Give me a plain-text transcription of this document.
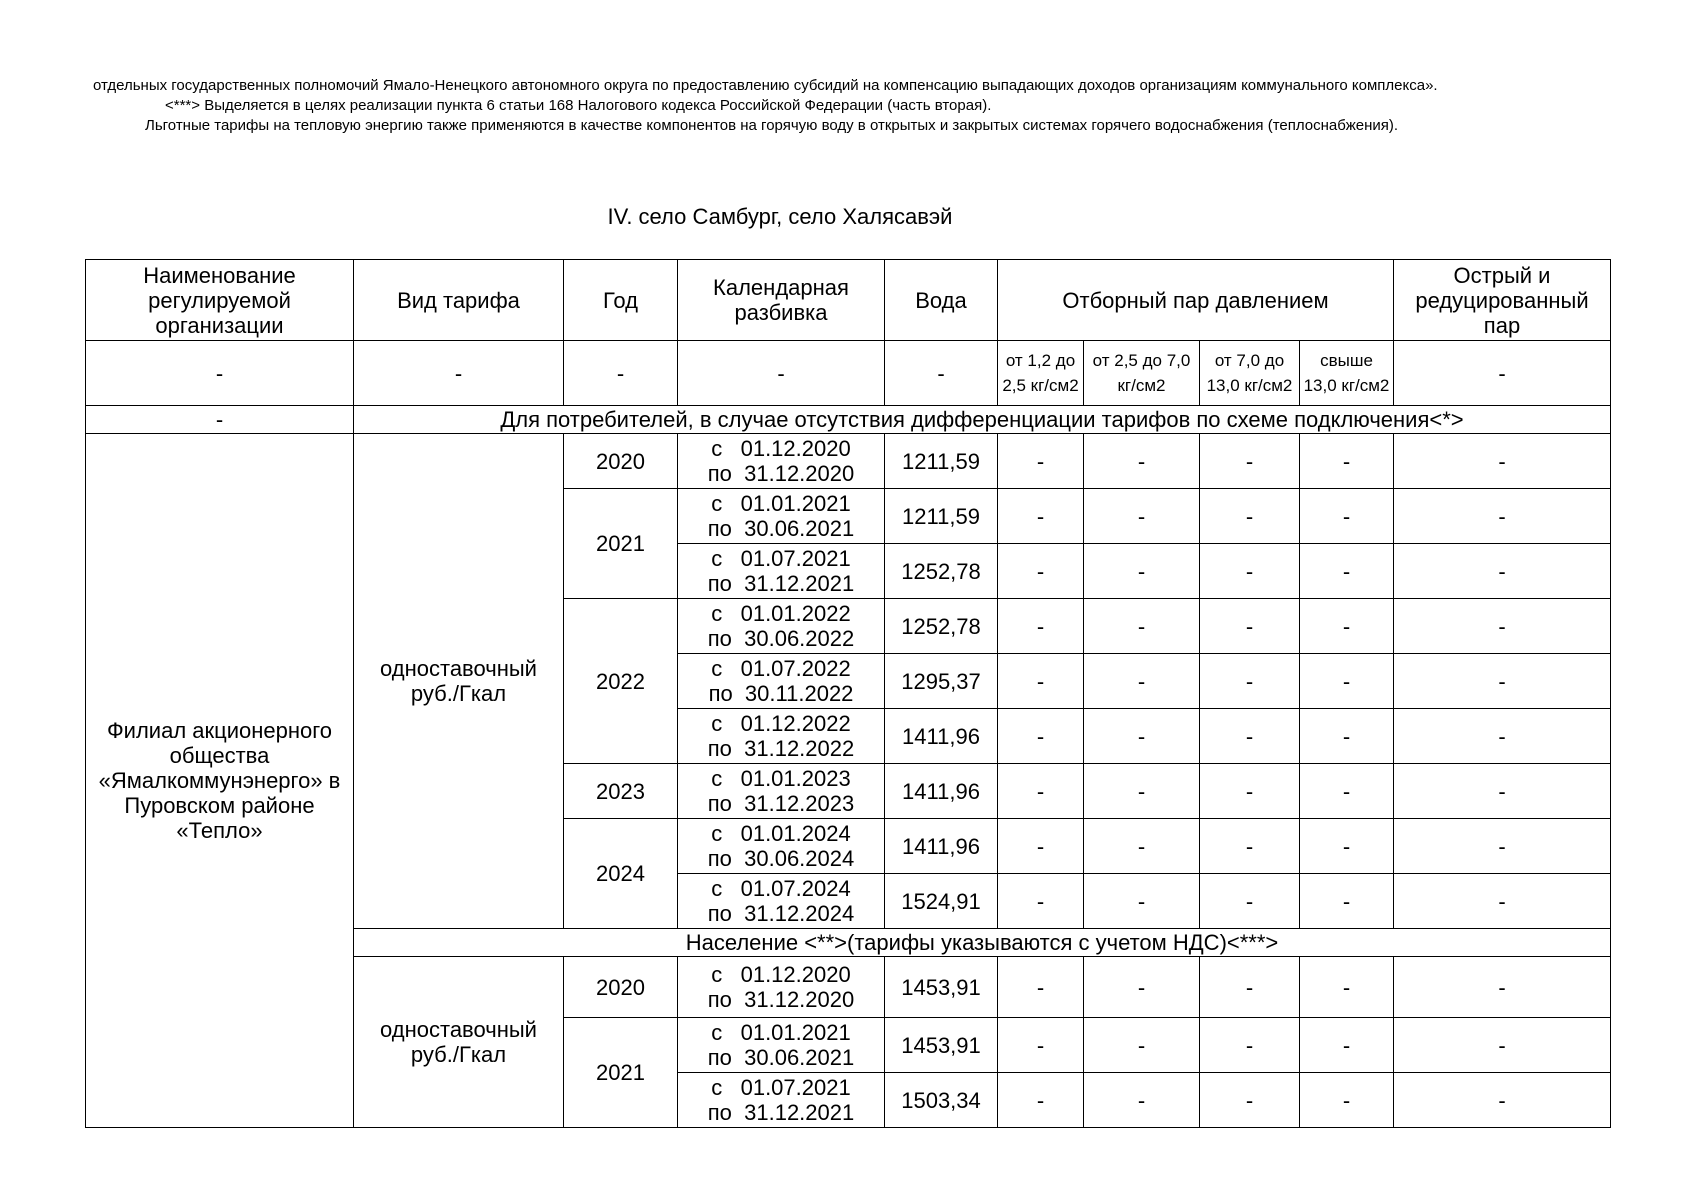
отдельных государственных полномочий Ямало-Ненецкого автономного округа по предоставлению субсидий на компенсацию выпадающих доходов организациям коммунального комплекса».

<***> Выделяется в целях реализации пункта 6 статьи 168 Налогового кодекса Российской Федерации (часть вторая).

Льготные тарифы на тепловую энергию также применяются в качестве компонентов на горячую воду в открытых и закрытых системах горячего водоснабжения (теплоснабжения).

IV. село Самбург, село Халясавэй
Наименование регулируемой организации	Вид тарифа	Год	Календарная разбивка	Вода	Отборный пар давлением				Острый и редуцированный пар
-	-	-	-	-	от 1,2 до 2,5 кг/см2	от 2,5 до 7,0 кг/см2	от 7,0 до 13,0 кг/см2	свыше 13,0 кг/см2	-
-	Для потребителей, в случае отсутствия дифференциации тарифов по схеме подключения<*>								
Филиал акционерного общества «Ямалкоммунэнерго» в Пуровском районе «Тепло»	одноставочный руб./Гкал	2020	с   01.12.2020
по  31.12.2020	1211,59	-	-	-	-	-
		2021	с   01.01.2021
по  30.06.2021	1211,59	-	-	-	-	-

			с   01.07.2021
по  31.12.2021	1252,78	-	-	-	-	-
		2022	с   01.01.2022
по  30.06.2022	1252,78	-	-	-	-	-

			с   01.07.2022
по  30.11.2022	1295,37	-	-	-	-	-

			с   01.12.2022
по  31.12.2022	1411,96	-	-	-	-	-
		2023	с   01.01.2023
по  31.12.2023	1411,96	-	-	-	-	-
		2024	с   01.01.2024
по  30.06.2024	1411,96	-	-	-	-	-

			с   01.07.2024
по  31.12.2024	1524,91	-	-	-	-	-
	Население <**>(тарифы указываются с учетом НДС)<***>								
	одноставочный руб./Гкал	2020	с   01.12.2020
по  31.12.2020	1453,91	-	-	-	-	-
		2021	с   01.01.2021
по  30.06.2021	1453,91	-	-	-	-	-

			с   01.07.2021
по  31.12.2021	1503,34	-	-	-	-	-
